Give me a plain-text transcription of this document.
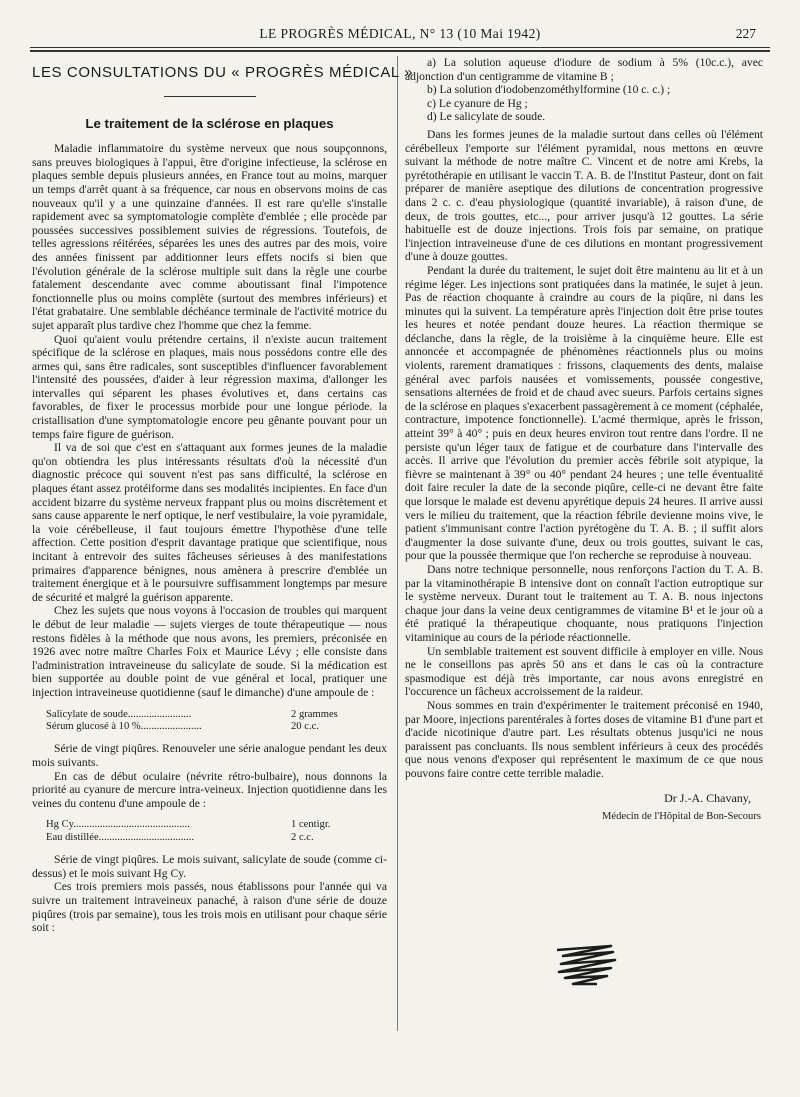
LE PROGRÈS MÉDICAL, N° 13 (10 Mai 1942)	227
LES CONSULTATIONS DU « PROGRÈS MÉDICAL »
Le traitement de la sclérose en plaques

Maladie inflammatoire du système nerveux que nous soupçonnons, sans preuves biologiques à l'appui, être d'origine infectieuse, la sclérose en plaques semble depuis plusieurs années, en France tout au moins, marquer un temps d'arrêt quant à sa fréquence, car nous en observons moins de cas nouveaux qu'il y a une quinzaine d'années. Il est rare qu'elle s'installe rapidement avec sa symptomatologie complète d'emblée ; elle procède par poussées successives possiblement suivies de régressions. Toutefois, de telles agressions réitérées, séparées les unes des autres par des mois, voire des années finissent par additionner leurs effets nocifs si bien que l'évolution générale de la sclérose multiple suit dans la règle une courbe fatalement descendante avec comme aboutissant final l'impotence fonctionnelle plus ou moins complète (surtout des membres inférieurs) et l'état grabataire. Une semblable déchéance terminale de l'activité motrice du sujet apparaît plus tardive chez l'homme que chez la femme.

Quoi qu'aient voulu prétendre certains, il n'existe aucun traitement spécifique de la sclérose en plaques, mais nous possédons contre elle des armes qui, sans être radicales, sont susceptibles d'influencer favorablement l'intensité des poussées, d'aider à leur régression maxima, d'allonger les intervalles qui séparent les phases évolutives et, dans certains cas favorables, de fixer le processus morbide pour une longue période. la cristallisation d'une symptomatologie encore peu gênante pouvant pour un temps faire figure de guérison.

Il va de soi que c'est en s'attaquant aux formes jeunes de la maladie qu'on obtiendra les plus intéressants résultats d'où la nécessité d'un diagnostic précoce qui souvent n'est pas sans difficulté, la sclérose en plaques étant assez protéiforme dans ses modalités incipientes. En face d'un accident bizarre du système nerveux frappant plus ou moins discrètement et sans cause apparente le nerf optique, le nerf vestibulaire, la voie pyramidale, la voie cérébelleuse, il faut toujours émettre l'hypothèse d'une telle affection. Cette position d'esprit davantage pratique que scientifique, nous incitant à entrevoir des suites fâcheuses sérieuses à des manifestations primaires d'apparence bénignes, nous amènera à prescrire d'emblée un traitement énergique et à le poursuivre suffisamment longtemps par mesure de sécurité et malgré la guérison apparente.

Chez les sujets que nous voyons à l'occasion de troubles qui marquent le début de leur maladie — sujets vierges de toute thérapeutique — nous restons fidèles à la méthode que nous avons, les premiers, préconisée en 1926 avec notre maître Charles Foix et Maurice Lévy ; elle consiste dans l'administration intraveineuse du salicylate de soude. Si la médication est bien supportée au double point de vue général et local, pratiquer une injection intraveineuse quotidienne (sauf le dimanche) d'une ampoule de :

Salicylate de soude........................	2 grammes
Sérum glucosé à 10 %.......................	20 c.c.

Série de vingt piqûres. Renouveler une série analogue pendant les deux mois suivants.

En cas de début oculaire (névrite rétro-bulbaire), nous donnons la priorité au cyanure de mercure intra-veineux. Injection quotidienne dans les veines du contenu d'une ampoule de :

Hg Cy............................................	1 centigr.
Eau distillée....................................	2 c.c.

Série de vingt piqûres. Le mois suivant, salicylate de soude (comme ci-dessus) et le mois suivant Hg Cy.

Ces trois premiers mois passés, nous établissons pour l'année qui va suivre un traitement intraveineux panaché, à raison d'une série de douze piqûres (trois par semaine), tous les trois mois en utilisant pour chaque série soit :

a) La solution aqueuse d'iodure de sodium à 5% (10c.c.), avec adjonction d'un centigramme de vitamine B ;
b) La solution d'iodobenzométhylformine (10 c. c.) ;
c) Le cyanure de Hg ;
d) Le salicylate de soude.

Dans les formes jeunes de la maladie surtout dans celles où l'élément cérébelleux l'emporte sur l'élément pyramidal, nous mettons en œuvre suivant la méthode de notre maître C. Vincent et de notre ami Krebs, la pyrétothérapie en utilisant le vaccin T. A. B. de l'Institut Pasteur, dont on fait préparer de manière aseptique des dilutions de concentration progressive dans 2 c. c. d'eau physiologique (quantité invariable), à raison d'une, de deux, de trois gouttes, etc..., pour arriver jusqu'à 12 gouttes. La série habituelle est de douze injections. Trois fois par semaine, on pratique l'injection intraveineuse d'une de ces dilutions en montant progressivement d'une à douze gouttes.

Pendant la durée du traitement, le sujet doit être maintenu au lit et à un régime léger. Les injections sont pratiquées dans la matinée, le sujet à jeun. Pas de réaction choquante à craindre au cours de la piqûre, ni dans les minutes qui la suivent. La température après l'injection doit être prise toutes les heures et notée pendant douze heures. La réaction thermique se déclanche, dans la règle, de la troisième à la cinquième heure. Elle est annoncée et accompagnée de phénomènes réactionnels plus ou moins violents, rarement dramatiques : frissons, claquements des dents, malaise général avec parfois nausées et vomissements, poussée congestive, sensations alternées de froid et de chaud avec sueurs. Parfois certains signes de la sclérose en plaques s'exacerbent passagèrement à ce moment (céphalée, contracture, impotence fonctionnelle). L'acmé thermique, après le frisson, atteint 39° à 40° ; puis en deux heures environ tout rentre dans l'ordre. Il ne persiste qu'un léger taux de fatigue et de courbature dans l'intervalle des accès. Il arrive que l'évolution du premier accès fébrile soit atypique, la fièvre se maintenant à 39° ou 40° pendant 24 heures ; une telle éventualité doit faire reculer la date de la seconde piqûre, celle-ci ne devant être faite que lorsque le malade est devenu apyrétique depuis 24 heures. Il arrive aussi vers le milieu du traitement, que la réaction fébrile devienne moins vive, le patient s'immunisant contre l'action pyrétogène du T. A. B. ; il suffit alors d'augmenter la dose suivante d'une, deux ou trois gouttes, suivant le cas, pour que la poussée thermique que l'on recherche se reproduise à nouveau.

Dans notre technique personnelle, nous renforçons l'action du T. A. B. par la vitaminothérapie B intensive dont on connaît l'action eutroptique sur le système nerveux. Durant tout le traitement au T. A. B. nous injectons chaque jour dans la veine deux centigrammes de vitamine B¹ et le jour où a été pratiqué la thérapeutique choquante, nous pratiquons l'injection vitaminique au cours de la période réactionnelle.

Un semblable traitement est souvent difficile à employer en ville. Nous ne le conseillons pas après 50 ans et dans le cas où la contracture spasmodique est déjà très importante, car nous avons enregistré en l'occurence un fâcheux accroissement de la raideur.

Nous sommes en train d'expérimenter le traitement préconisé en 1940, par Moore, injections parentérales à fortes doses de vitamine B1 d'une part et d'acide nicotinique d'autre part. Les résultats obtenus jusqu'ici ne nous paraissent pas concluants. Ils nous semblent inférieurs à ceux des procédés que nous venons d'exposer qui représentent le maximum de ce que nous pouvons faire contre cette terrible maladie.

Dr J.-A. Chavany,
Médecin de l'Hôpital de Bon-Secours
